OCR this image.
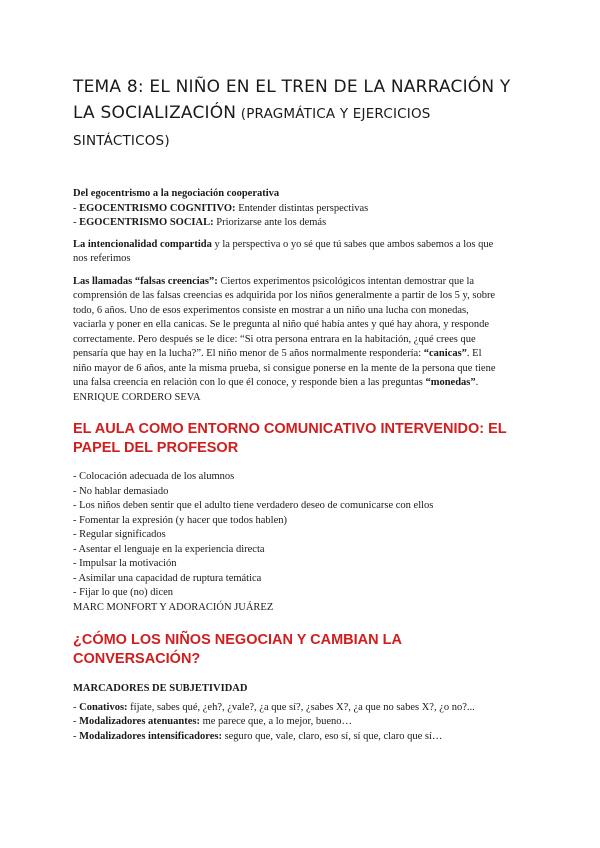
TEMA 8: EL NIÑO EN EL TREN DE LA NARRACIÓN Y
LA SOCIALIZACIÓN (PRAGMÁTICA Y EJERCICIOS SINTÁCTICOS)
Del egocentrismo a la negociación cooperativa
- EGOCENTRISMO COGNITIVO: Entender distintas perspectivas
- EGOCENTRISMO SOCIAL: Priorizarse ante los demás
La intencionalidad compartida y la perspectiva o yo sé que tú sabes que ambos sabemos a los que
nos referimos
Las llamadas “falsas creencias”: Ciertos experimentos psicológicos intentan demostrar que la
comprensión de las falsas creencias es adquirida por los niños generalmente a partir de los 5 y, sobre
todo, 6 años. Uno de esos experimentos consiste en mostrar a un niño una lucha con monedas,
vaciarla y poner en ella canicas. Se le pregunta al niño qué había antes y qué hay ahora, y responde
correctamente. Pero después se le dice: “Si otra persona entrara en la habitación, ¿qué crees que
pensaría que hay en la lucha?”. El niño menor de 5 años normalmente respondería: “canicas”. El
niño mayor de 6 años, ante la misma prueba, si consigue ponerse en la mente de la persona que tiene
una falsa creencia en relación con lo que él conoce, y responde bien a las preguntas “monedas”.
ENRIQUE CORDERO SEVA
EL AULA COMO ENTORNO COMUNICATIVO INTERVENIDO: EL
PAPEL DEL PROFESOR
- Colocación adecuada de los alumnos
- No hablar demasiado
- Los niños deben sentir que el adulto tiene verdadero deseo de comunicarse con ellos
- Fomentar la expresión (y hacer que todos hablen)
- Regular significados
- Asentar el lenguaje en la experiencia directa
- Impulsar la motivación
- Asimilar una capacidad de ruptura temática
- Fijar lo que (no) dicen
MARC MONFORT Y ADORACIÓN JUÁREZ
¿CÓMO LOS NIÑOS NEGOCIAN Y CAMBIAN LA CONVERSACIÓN?
MARCADORES DE SUBJETIVIDAD
- Conativos: fíjate, sabes qué, ¿eh?, ¿vale?, ¿a que sí?, ¿sabes X?, ¿a que no sabes X?, ¿o no?...
- Modalizadores atenuantes: me parece que, a lo mejor, bueno…
- Modalizadores intensificadores: seguro que, vale, claro, eso sí, sí que, claro que sí…
